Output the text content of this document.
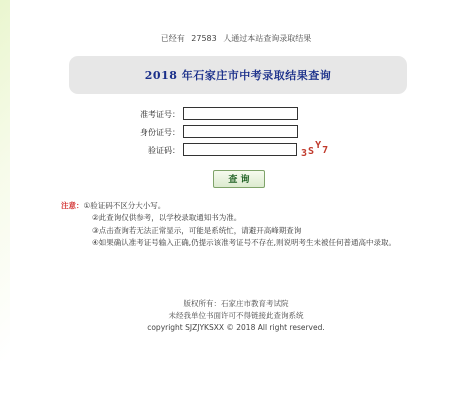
已经有 27583 人通过本站查询录取结果
2018 年石家庄市中考录取结果查询
准考证号：
身份证号：
验证码：	3SY7
查 询
注意：①验证码不区分大小写。
②此查询仅供参考，以学校录取通知书为准。
③点击查询若无法正常显示，可能是系统忙，请避开高峰期查询
④如果确认准考证号输入正确,仍提示该准考证号不存在,则说明考生未被任何普通高中录取。
版权所有：石家庄市教育考试院
未经我单位书面许可不得链接此查询系统
copyright SJZJYKSXX © 2018 All right reserved.
